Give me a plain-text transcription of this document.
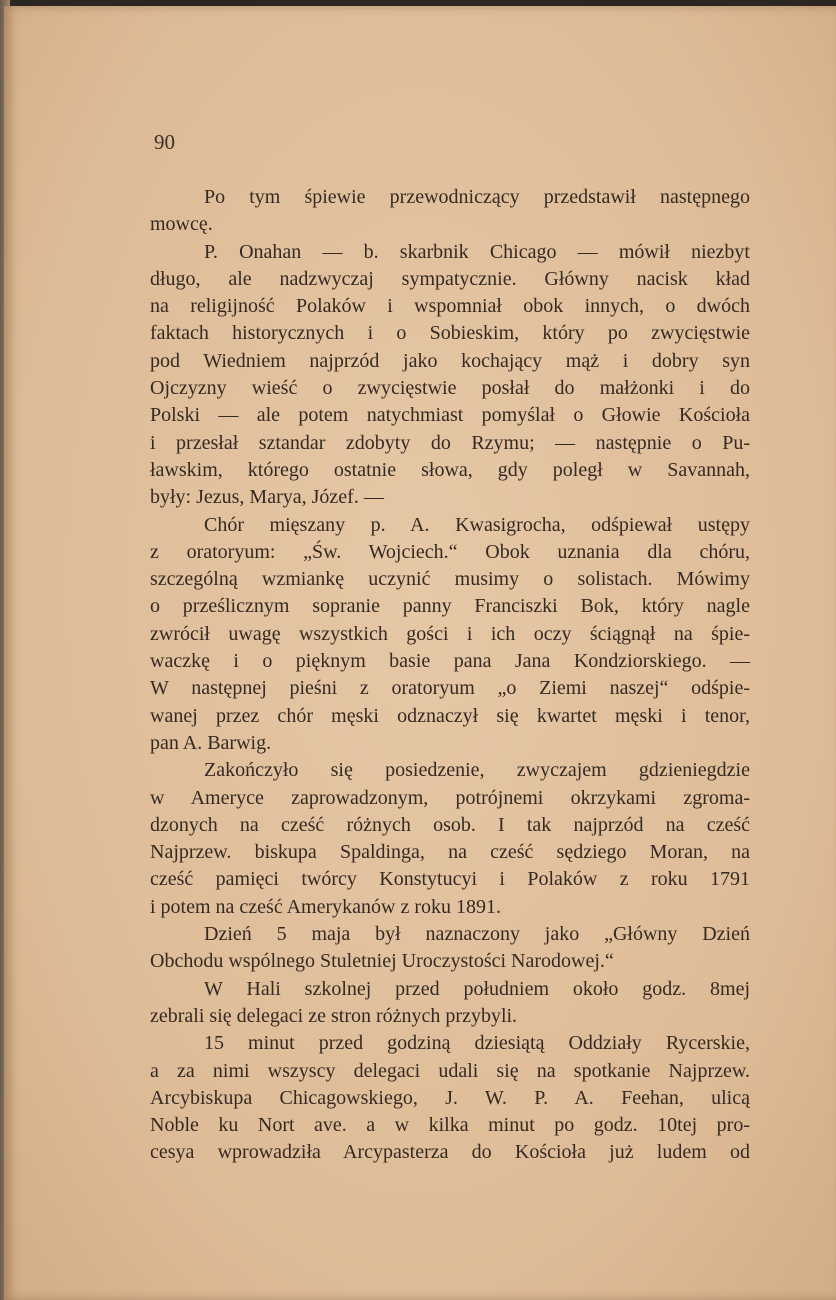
90

Po tym śpiewie przewodniczący przedstawił następnego
mowcę.

P. Onahan — b. skarbnik Chicago — mówił niezbyt
długo, ale nadzwyczaj sympatycznie. Główny nacisk kład
na religijność Polaków i wspomniał obok innych, o dwóch
faktach historycznych i o Sobieskim, który po zwycięstwie
pod Wiedniem najprzód jako kochający mąż i dobry syn
Ojczyzny wieść o zwycięstwie posłał do małżonki i do
Polski — ale potem natychmiast pomyślał o Głowie Kościoła
i przesłał sztandar zdobyty do Rzymu; — następnie o Pu-
ławskim, którego ostatnie słowa, gdy poległ w Savannah,
były: Jezus, Marya, Józef. —

Chór mięszany p. A. Kwasigrocha, odśpiewał ustępy
z oratoryum: „Św. Wojciech.“ Obok uznania dla chóru,
szczególną wzmiankę uczynić musimy o solistach. Mówimy
o prześlicznym sopranie panny Franciszki Bok, który nagle
zwrócił uwagę wszystkich gości i ich oczy ściągnął na śpie-
waczkę i o pięknym basie pana Jana Kondziorskiego. —
W następnej pieśni z oratoryum „o Ziemi naszej“ odśpie-
wanej przez chór męski odznaczył się kwartet męski i tenor,
pan A. Barwig.

Zakończyło się posiedzenie, zwyczajem gdzieniegdzie
w Ameryce zaprowadzonym, potrójnemi okrzykami zgroma-
dzonych na cześć różnych osob. I tak najprzód na cześć
Najprzew. biskupa Spaldinga, na cześć sędziego Moran, na
cześć pamięci twórcy Konstytucyi i Polaków z roku 1791
i potem na cześć Amerykanów z roku 1891.

Dzień 5 maja był naznaczony jako „Główny Dzień
Obchodu wspólnego Stuletniej Uroczystości Narodowej.“

W Hali szkolnej przed południem około godz. 8mej
zebrali się delegaci ze stron różnych przybyli.

15 minut przed godziną dziesiątą Oddziały Rycerskie,
a za nimi wszyscy delegaci udali się na spotkanie Najprzew.
Arcybiskupa Chicagowskiego, J. W. P. A. Feehan, ulicą
Noble ku Nort ave. a w kilka minut po godz. 10tej pro-
cesya wprowadziła Arcypasterza do Kościoła już ludem od
